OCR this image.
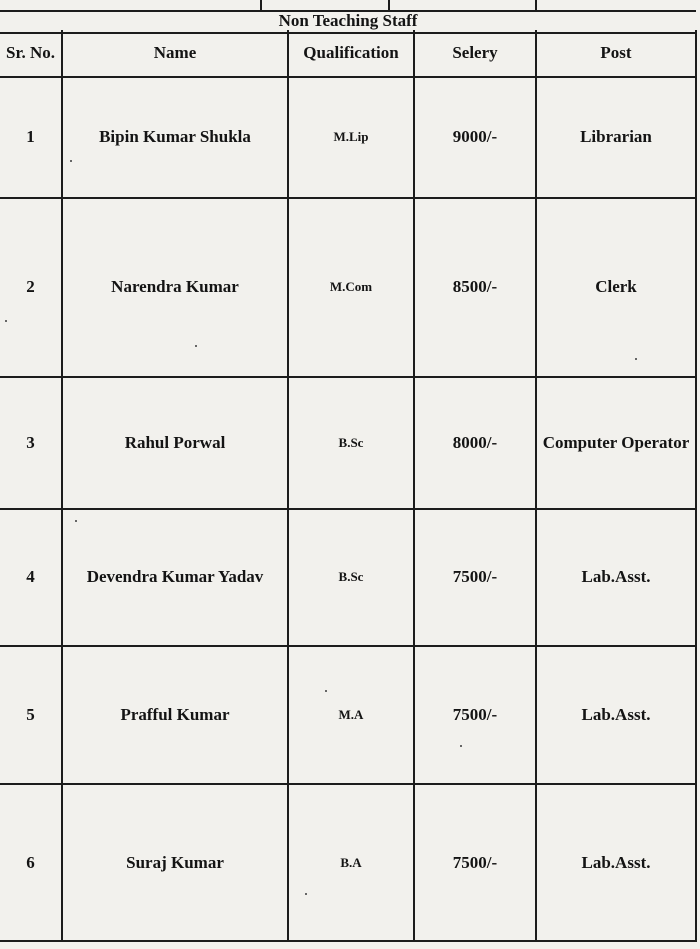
Non Teaching Staff
Sr. No.	Name	Qualification	Selery	Post
1	Bipin Kumar Shukla	M.Lip	9000/-	Librarian
2	Narendra Kumar	M.Com	8500/-	Clerk
3	Rahul Porwal	B.Sc	8000/-	Computer Operator
4	Devendra Kumar Yadav	B.Sc	7500/-	Lab.Asst.
5	Prafful Kumar	M.A	7500/-	Lab.Asst.
6	Suraj Kumar	B.A	7500/-	Lab.Asst.
